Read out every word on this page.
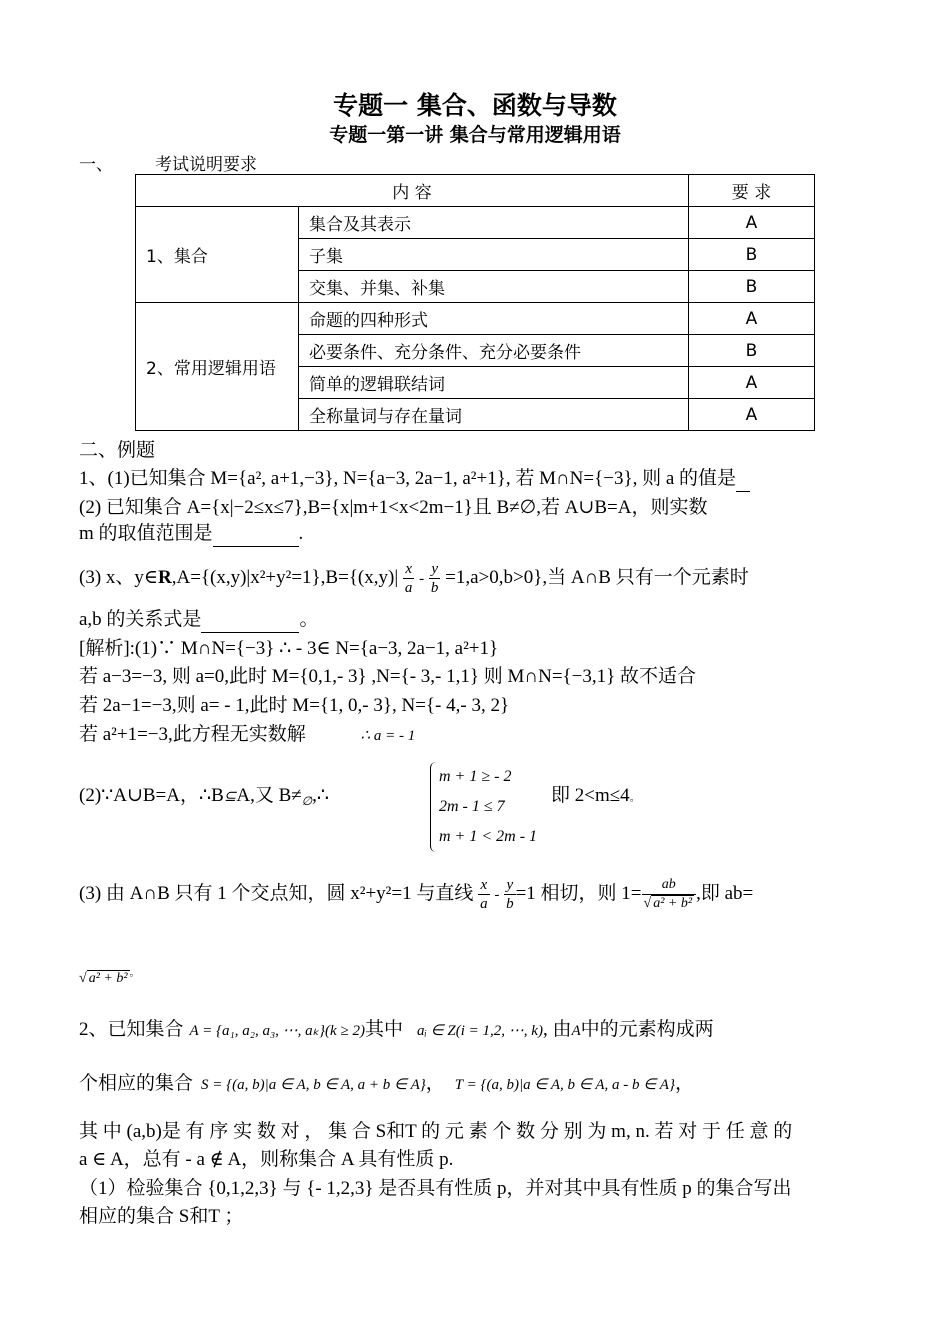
专题一 集合、函数与导数
专题一第一讲 集合与常用逻辑用语
一、 考试说明要求
内 容		要 求
1、集合	集合及其表示	A
	子集	B
	交集、并集、补集	B
2、常用逻辑用语	命题的四种形式	A
	必要条件、充分条件、充分必要条件	B
	简单的逻辑联结词	A
	全称量词与存在量词	A
二、例题
1、(1)已知集合 M={a², a+1,−3}, N={a−3, 2a−1, a²+1}, 若 M∩N={−3}, 则 a 的值是
(2) 已知集合 A={x|−2≤x≤7},B={x|m+1<x<2m−1}且 B≠∅,若 A∪B=A，则实数
m 的取值范围是	.
(3) x、y∈R,A={(x,y)|x²+y²=1},B={(x,y)| $\frac{x}{a} - \frac{y}{b} =1,a>0,b>0$},当 A∩B 只有一个元素时
a,b 的关系式是	。
[解析]:(1)∵ M∩N={−3} ∴ - 3∈ N={a−3, 2a−1, a²+1}
若 a−3=−3, 则 a=0,此时 M={0,1,- 3} ,N={- 3,- 1,1} 则 M∩N={−3,1} 故不适合
若 2a−1=−3,则 a= - 1,此时 M={1, 0,- 3}, N={- 4,- 3, 2}
若 a²+1=−3,此方程无实数解	∴ a = - 1
(2)∵A∪B=A，∴B⊆A,又 $B\ne_\emptyset,\therefore$
m + 1 ≥ - 2
2m - 1 ≤ 7
m + 1 < 2m - 1
即 2<m≤4。
(3) 由 A∩B 只有 1 个交点知，圆 x²+y²=1 与直线 $\frac{x}{a} - \frac{y}{b} =1$ 相切，则 $1= \frac{ab}{\text{√ a² + b²}}$ ,即 ab=
√ a² + b² 。
2、已知集合 A = {a₁, a₂, a₃, ⋯, aₖ}(k ≥ 2)其中 aᵢ ∈ Z(i = 1,2, ⋯, k), 由A中的元素构成两
个相应的集合 S = {(a, b)|a ∈ A, b ∈ A, a + b ∈ A}， T = {(a, b)|a ∈ A, b ∈ A, a - b ∈ A}，
其 中 (a,b)是 有 序 实 数 对 ， 集 合 S和T 的 元 素 个 数 分 别 为 m, n. 若 对 于 任 意 的
a ∈ A，总有 - a ∉ A，则称集合 A 具有性质 p.
（1）检验集合 {0,1,2,3} 与 {- 1,2,3} 是否具有性质 p，并对其中具有性质 p 的集合写出
相应的集合 S和T ；
